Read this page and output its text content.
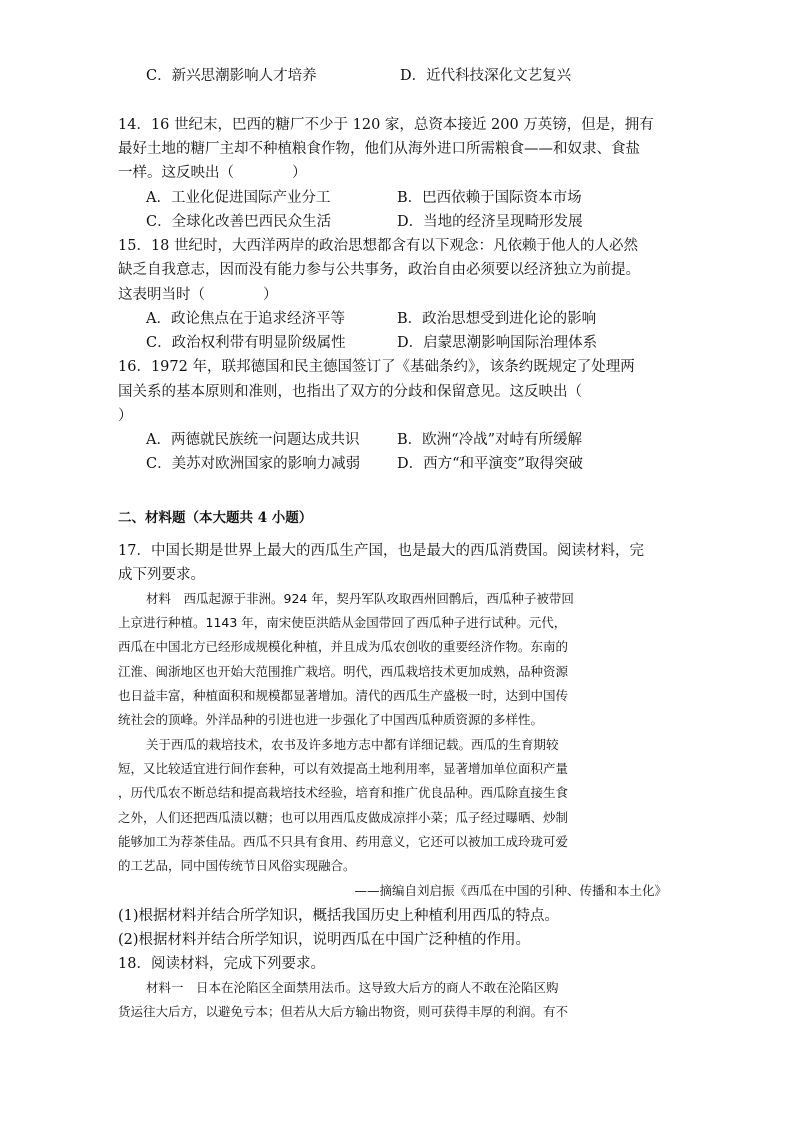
C．新兴思潮影响人才培养	D．近代科技深化文艺复兴
14．16 世纪末，巴西的糖厂不少于 120 家，总资本接近 200 万英镑，但是，拥有
最好土地的糖厂主却不种植粮食作物，他们从海外进口所需粮食——和奴隶、食盐
一样。这反映出（　　　　）
A．工业化促进国际产业分工	B．巴西依赖于国际资本市场
C．全球化改善巴西民众生活	D．当地的经济呈现畸形发展
15．18 世纪时，大西洋两岸的政治思想都含有以下观念：凡依赖于他人的人必然
缺乏自我意志，因而没有能力参与公共事务，政治自由必须要以经济独立为前提。
这表明当时（　　　　）
A．政论焦点在于追求经济平等	B．政治思想受到进化论的影响
C．政治权利带有明显阶级属性	D．启蒙思潮影响国际治理体系
16．1972 年，联邦德国和民主德国签订了《基础条约》，该条约既规定了处理两
国关系的基本原则和准则，也指出了双方的分歧和保留意见。这反映出（
）
A．两德就民族统一问题达成共识	B．欧洲“冷战”对峙有所缓解
C．美苏对欧洲国家的影响力减弱	D．西方“和平演变”取得突破
二、材料题（本大题共 4 小题）
17．中国长期是世界上最大的西瓜生产国，也是最大的西瓜消费国。阅读材料，完
成下列要求。
材料　西瓜起源于非洲。924 年，契丹军队攻取西州回鹘后，西瓜种子被带回
上京进行种植。1143 年，南宋使臣洪皓从金国带回了西瓜种子进行试种。元代，
西瓜在中国北方已经形成规模化种植，并且成为瓜农创收的重要经济作物。东南的
江淮、闽浙地区也开始大范围推广栽培。明代，西瓜栽培技术更加成熟，品种资源
也日益丰富，种植面积和规模都显著增加。清代的西瓜生产盛极一时，达到中国传
统社会的顶峰。外洋品种的引进也进一步强化了中国西瓜种质资源的多样性。
关于西瓜的栽培技术，农书及许多地方志中都有详细记载。西瓜的生育期较
短，又比较适宜进行间作套种，可以有效提高土地利用率，显著增加单位面积产量
，历代瓜农不断总结和提高栽培技术经验，培育和推广优良品种。西瓜除直接生食
之外，人们还把西瓜渍以糖；也可以用西瓜皮做成凉拌小菜；瓜子经过曝晒、炒制
能够加工为荐茶佳品。西瓜不只具有食用、药用意义，它还可以被加工成玲珑可爱
的工艺品，同中国传统节日风俗实现融合。
——摘编自刘启振《西瓜在中国的引种、传播和本土化》
(1)根据材料并结合所学知识，概括我国历史上种植利用西瓜的特点。
(2)根据材料并结合所学知识，说明西瓜在中国广泛种植的作用。
18．阅读材料，完成下列要求。
材料一　日本在沦陷区全面禁用法币。这导致大后方的商人不敢在沦陷区购
货运往大后方，以避免亏本；但若从大后方输出物资，则可获得丰厚的利润。有不
